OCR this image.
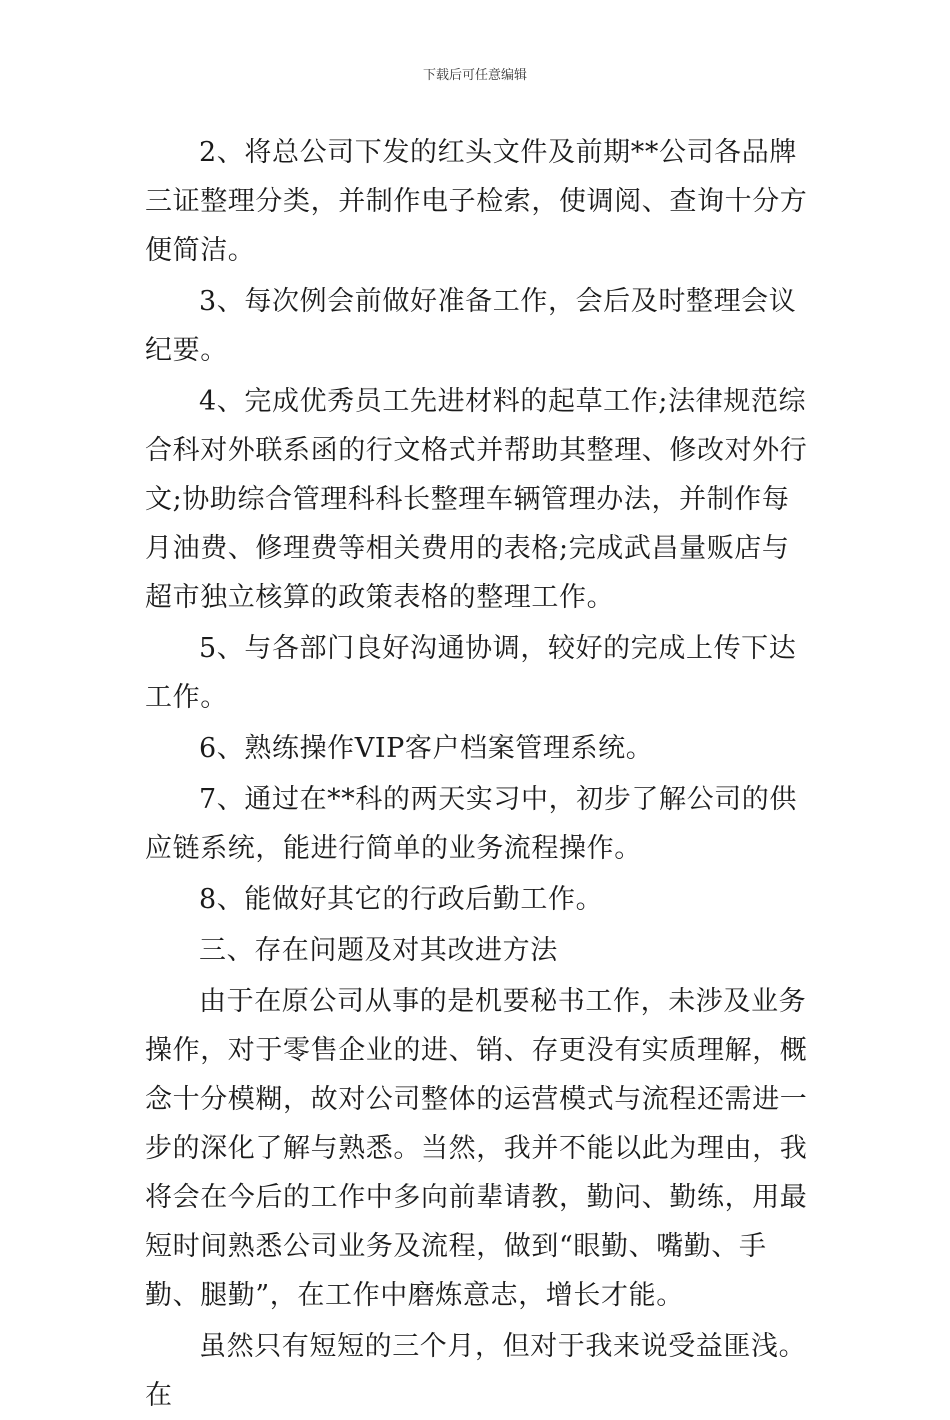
下载后可任意编辑

2、将总公司下发的红头文件及前期**公司各品牌三证整理分类，并制作电子检索，使调阅、查询十分方便简洁。

3、每次例会前做好准备工作，会后及时整理会议纪要。

4、完成优秀员工先进材料的起草工作;法律规范综合科对外联系函的行文格式并帮助其整理、修改对外行文;协助综合管理科科长整理车辆管理办法，并制作每月油费、修理费等相关费用的表格;完成武昌量贩店与超市独立核算的政策表格的整理工作。

5、与各部门良好沟通协调，较好的完成上传下达工作。

6、熟练操作VIP客户档案管理系统。

7、通过在**科的两天实习中，初步了解公司的供应链系统，能进行简单的业务流程操作。

8、能做好其它的行政后勤工作。

三、存在问题及对其改进方法

由于在原公司从事的是机要秘书工作，未涉及业务操作，对于零售企业的进、销、存更没有实质理解，概念十分模糊，故对公司整体的运营模式与流程还需进一步的深化了解与熟悉。当然，我并不能以此为理由，我将会在今后的工作中多向前辈请教，勤问、勤练，用最短时间熟悉公司业务及流程，做到“眼勤、嘴勤、手勤、腿勤”，在工作中磨炼意志，增长才能。

虽然只有短短的三个月，但对于我来说受益匪浅。在
